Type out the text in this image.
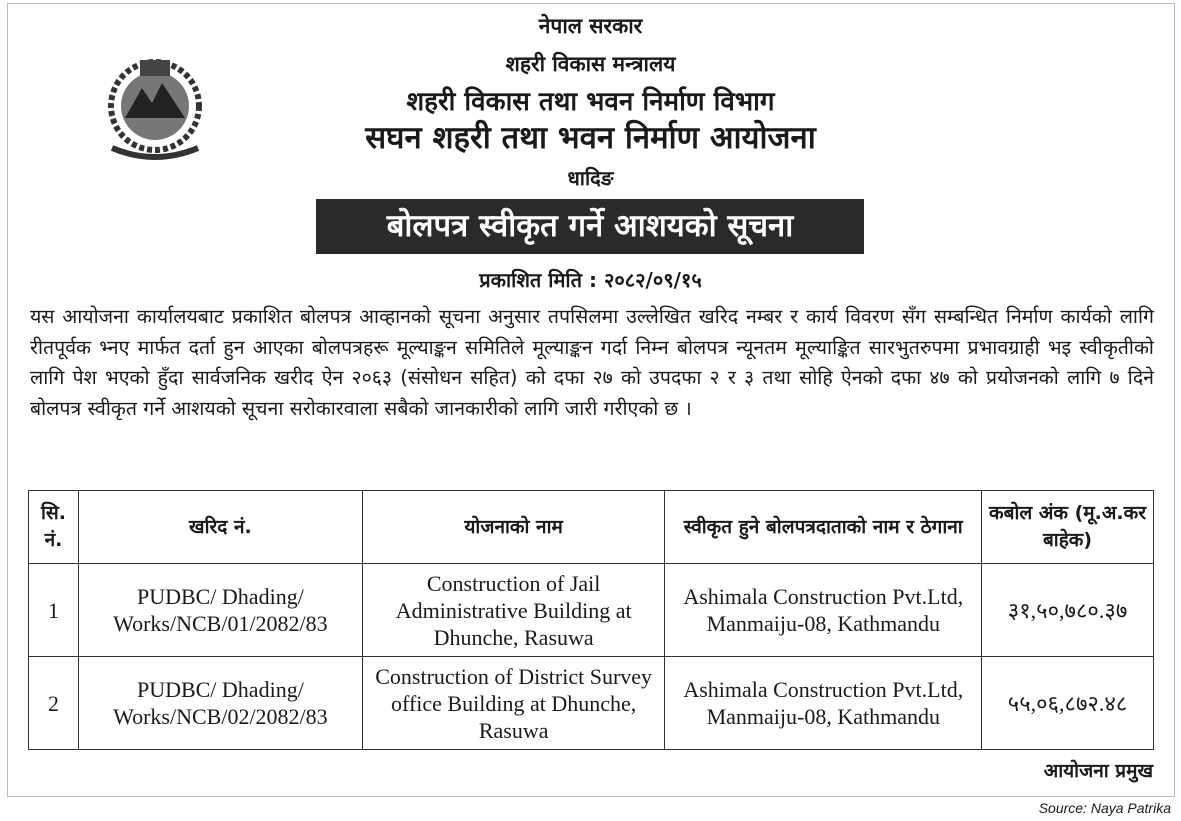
नेपाल सरकार
शहरी विकास मन्त्रालय
शहरी विकास तथा भवन निर्माण विभाग
सघन शहरी तथा भवन निर्माण आयोजना
धादिङ
बोलपत्र स्वीकृत गर्ने आशयको सूचना
प्रकाशित मिति : २०८२/०९/१५
यस आयोजना कार्यालयबाट प्रकाशित बोलपत्र आव्हानको सूचना अनुसार तपसिलमा उल्लेखित खरिद नम्बर र कार्य विवरण सँग सम्बन्धित निर्माण कार्यको लागि रीतपूर्वक भ्नए मार्फत दर्ता हुन आएका बोलपत्रहरू मूल्याङ्कन समितिले मूल्याङ्कन गर्दा निम्न बोलपत्र न्यूनतम मूल्याङ्कित सारभुतरुपमा प्रभावग्राही भइ स्वीकृतीको लागि पेश भएको हुँदा सार्वजनिक खरीद ऐन २०६३ (संसोधन सहित) को दफा २७ को उपदफा २ र ३ तथा सोहि ऐनको दफा ४७ को प्रयोजनको लागि ७ दिने बोलपत्र स्वीकृत गर्ने आशयको सूचना सरोकारवाला सबैको जानकारीको लागि जारी गरीएको छ ।
सि. नं.	खरिद नं.	योजनाको नाम	स्वीकृत हुने बोलपत्रदाताको नाम र ठेगाना	कबोल अंक (मू.अ.कर बाहेक)
1	PUDBC/ Dhading/ Works/NCB/01/2082/83	Construction of Jail Administrative Building at Dhunche, Rasuwa	Ashimala Construction Pvt.Ltd, Manmaiju-08, Kathmandu	३१,५०,७८०.३७
2	PUDBC/ Dhading/ Works/NCB/02/2082/83	Construction of District Survey office Building at Dhunche, Rasuwa	Ashimala Construction Pvt.Ltd, Manmaiju-08, Kathmandu	५५,०६,८७२.४८
आयोजना प्रमुख
Source: Naya Patrika
